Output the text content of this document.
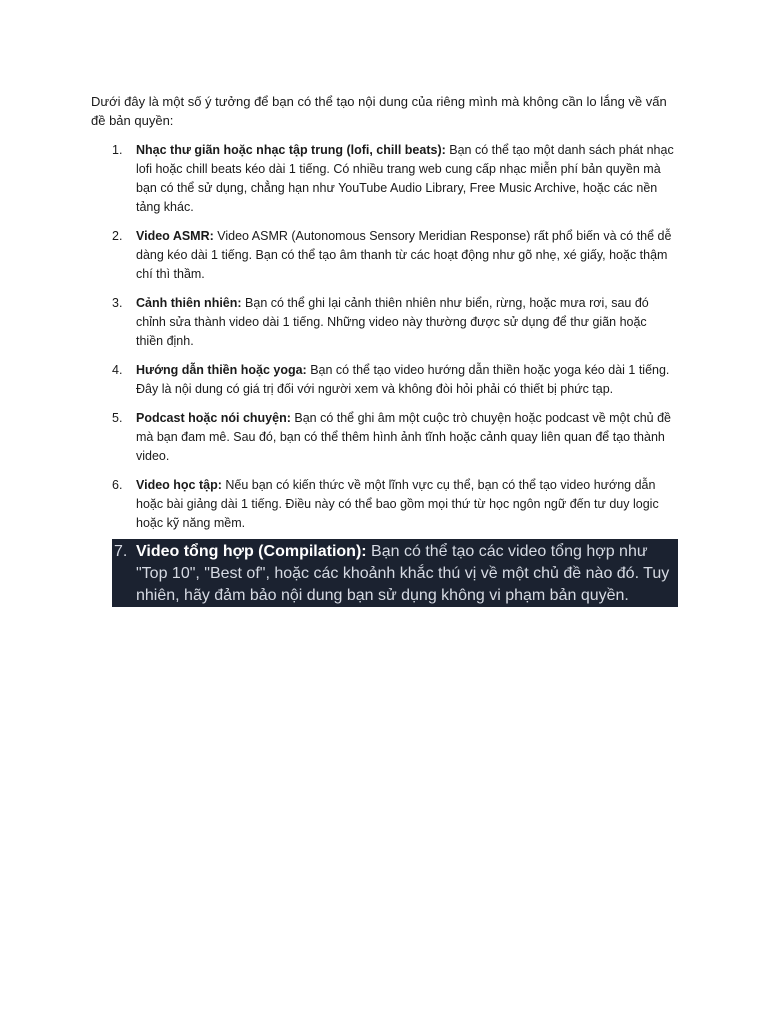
Dưới đây là một số ý tưởng để bạn có thể tạo nội dung của riêng mình mà không cần lo lắng về vấn đề bản quyền:

1.	Nhạc thư giãn hoặc nhạc tập trung (lofi, chill beats): Bạn có thể tạo một danh sách phát nhạc lofi hoặc chill beats kéo dài 1 tiếng. Có nhiều trang web cung cấp nhạc miễn phí bản quyền mà bạn có thể sử dụng, chẳng hạn như YouTube Audio Library, Free Music Archive, hoặc các nền tảng khác.
2.	Video ASMR: Video ASMR (Autonomous Sensory Meridian Response) rất phổ biến và có thể dễ dàng kéo dài 1 tiếng. Bạn có thể tạo âm thanh từ các hoạt động như gõ nhẹ, xé giấy, hoặc thậm chí thì thầm.
3.	Cảnh thiên nhiên: Bạn có thể ghi lại cảnh thiên nhiên như biển, rừng, hoặc mưa rơi, sau đó chỉnh sửa thành video dài 1 tiếng. Những video này thường được sử dụng để thư giãn hoặc thiền định.
4.	Hướng dẫn thiền hoặc yoga: Bạn có thể tạo video hướng dẫn thiền hoặc yoga kéo dài 1 tiếng. Đây là nội dung có giá trị đối với người xem và không đòi hỏi phải có thiết bị phức tạp.
5.	Podcast hoặc nói chuyện: Bạn có thể ghi âm một cuộc trò chuyện hoặc podcast về một chủ đề mà bạn đam mê. Sau đó, bạn có thể thêm hình ảnh tĩnh hoặc cảnh quay liên quan để tạo thành video.
6.	Video học tập: Nếu bạn có kiến thức về một lĩnh vực cụ thể, bạn có thể tạo video hướng dẫn hoặc bài giảng dài 1 tiếng. Điều này có thể bao gồm mọi thứ từ học ngôn ngữ đến tư duy logic hoặc kỹ năng mềm.
7. Video tổng hợp (Compilation): Bạn có thể tạo các video tổng hợp như "Top 10", "Best of", hoặc các khoảnh khắc thú vị về một chủ đề nào đó. Tuy nhiên, hãy đảm bảo nội dung bạn sử dụng không vi phạm bản quyền.
